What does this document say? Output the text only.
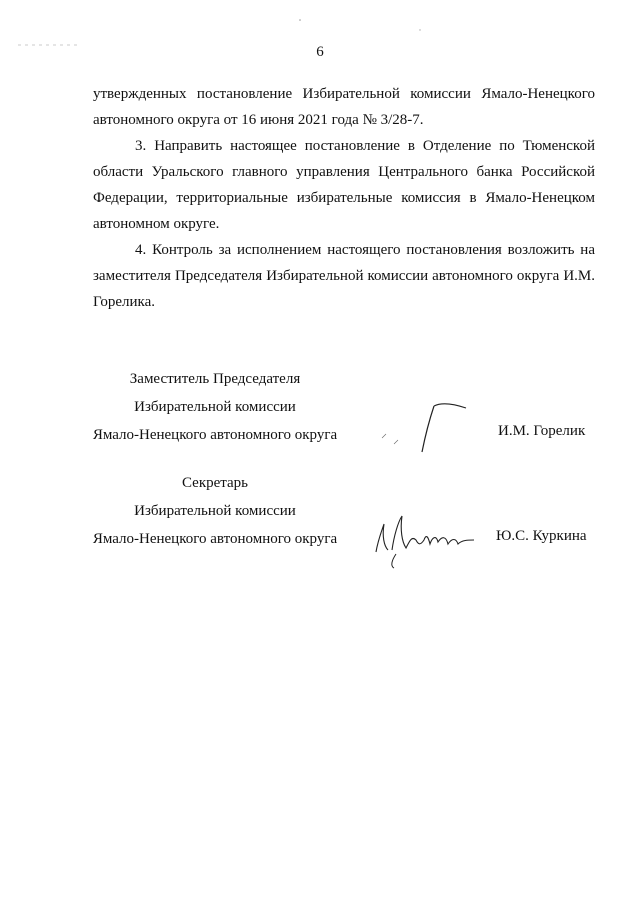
6

утвержденных постановление Избирательной комиссии Ямало-Ненецкого автономного округа от 16 июня 2021 года № 3/28-7.

3. Направить настоящее постановление в Отделение по Тюменской области Уральского главного управления Центрального банка Российской Федерации, территориальные избирательные комиссия в Ямало-Ненецком автономном округе.

4. Контроль за исполнением настоящего постановления возложить на заместителя Председателя Избирательной комиссии автономного округа И.М. Горелика.

Заместитель Председателя
Избирательной комиссии
Ямало-Ненецкого автономного округа	И.М. Горелик
Секретарь
Избирательной комиссии
Ямало-Ненецкого автономного округа	Ю.С. Куркина
